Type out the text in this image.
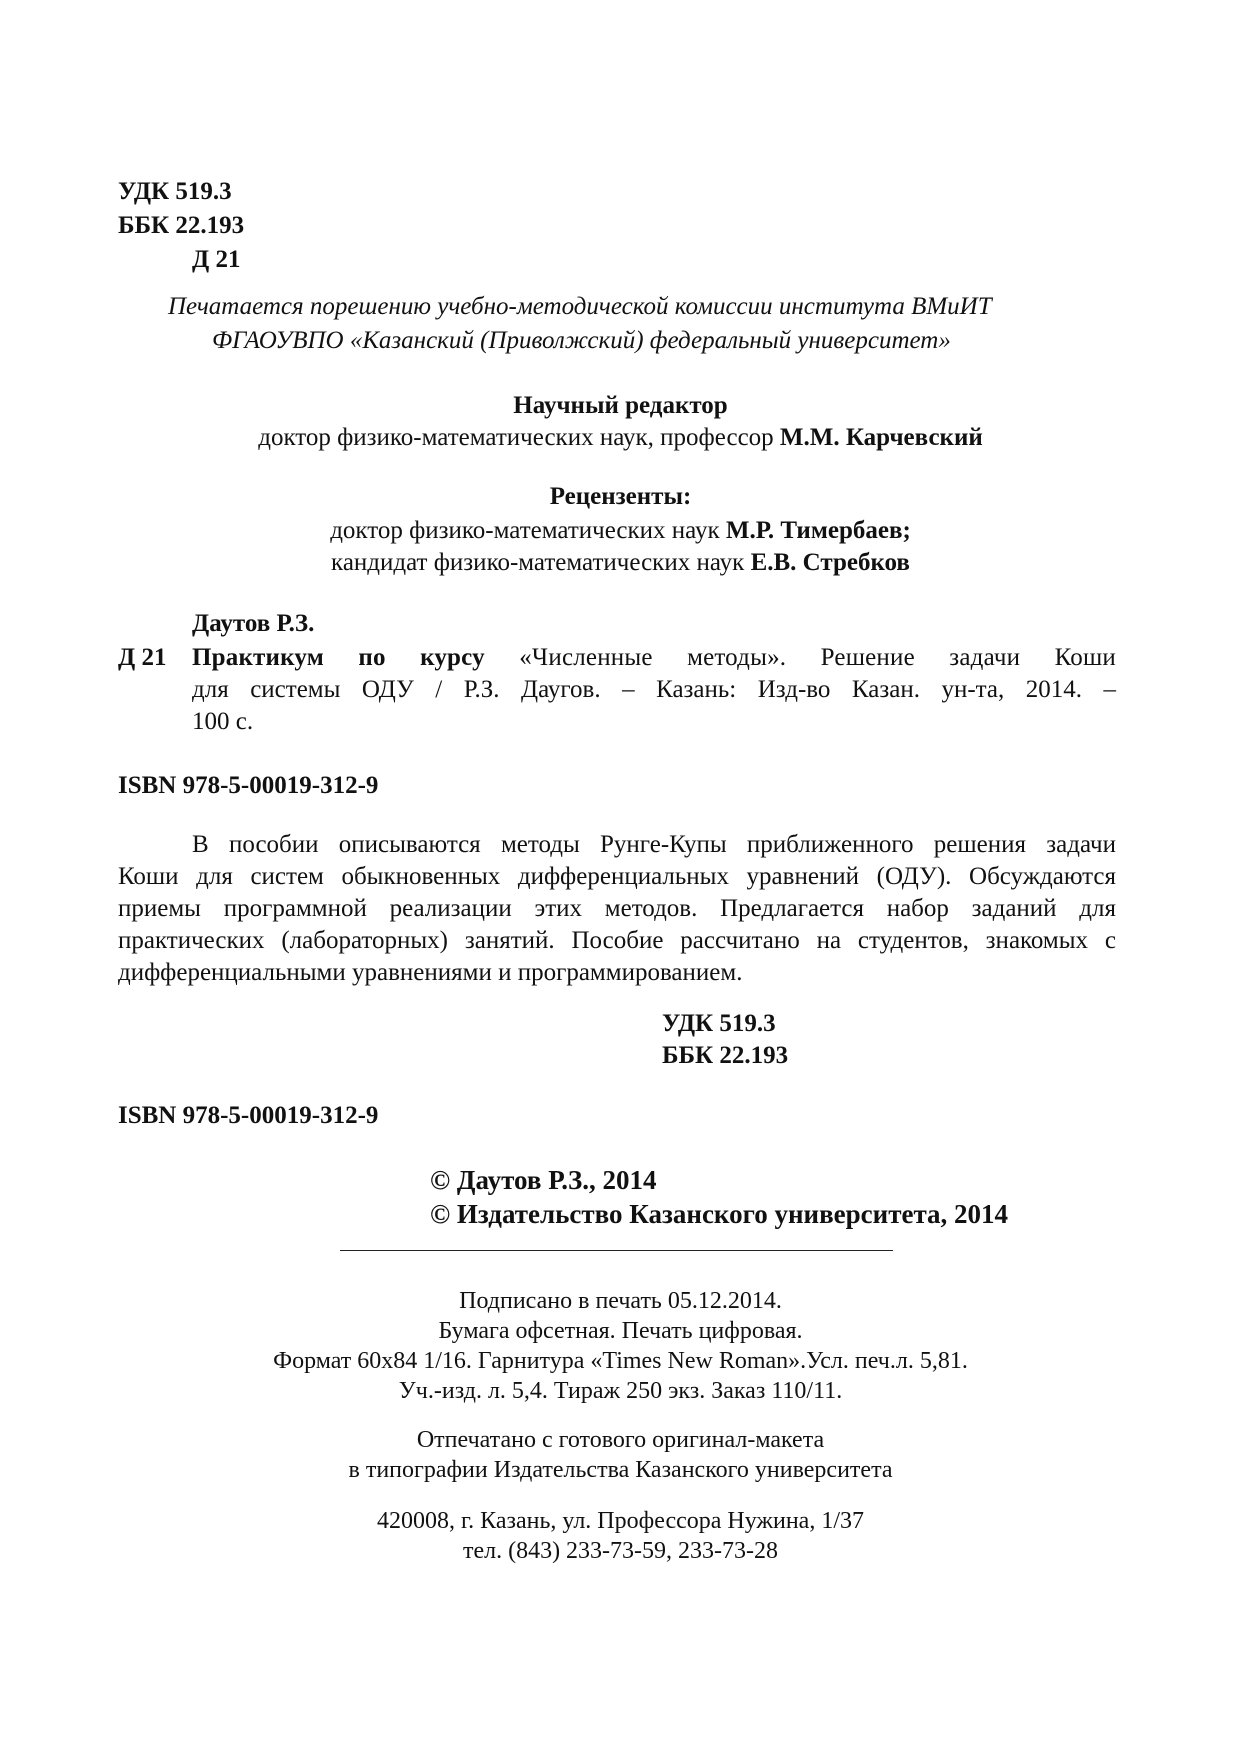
УДК 519.3
ББК 22.193
Д 21
Печатается порешению учебно-методической комиссии института ВМиИТ
ФГАОУВПО «Казанский (Приволжский) федеральный университет»
Научный редактор
доктор физико-математических наук, профессор М.М. Карчевский
Рецензенты:
доктор физико-математических наук М.Р. Тимербаев;
кандидат физико-математических наук Е.В. Стребков
Даутов Р.З.
Д 21 Практикум по курсу «Численные методы». Решение задачи Коши
для системы ОДУ / Р.З. Даугов. – Казань: Изд-во Казан. ун-та, 2014. –
100 с.
ISBN 978-5-00019-312-9
В пособии описываются методы Рунге-Купы приближенного решения задачи
Коши для систем обыкновенных дифференциальных уравнений (ОДУ). Обсуждаются
приемы программной реализации этих методов. Предлагается набор заданий для
практических (лабораторных) занятий. Пособие рассчитано на студентов, знакомых с
дифференциальными уравнениями и программированием.
УДК 519.3
ББК 22.193
ISBN 978-5-00019-312-9
© Даутов Р.З., 2014
© Издательство Казанского университета, 2014
Подписано в печать 05.12.2014.
Бумага офсетная. Печать цифровая.
Формат 60х84 1/16. Гарнитура «Times New Roman».Усл. печ.л. 5,81.
Уч.-изд. л. 5,4. Тираж 250 экз. Заказ 110/11.
Отпечатано с готового оригинал-макета
в типографии Издательства Казанского университета
420008, г. Казань, ул. Профессора Нужина, 1/37
тел. (843) 233-73-59, 233-73-28
